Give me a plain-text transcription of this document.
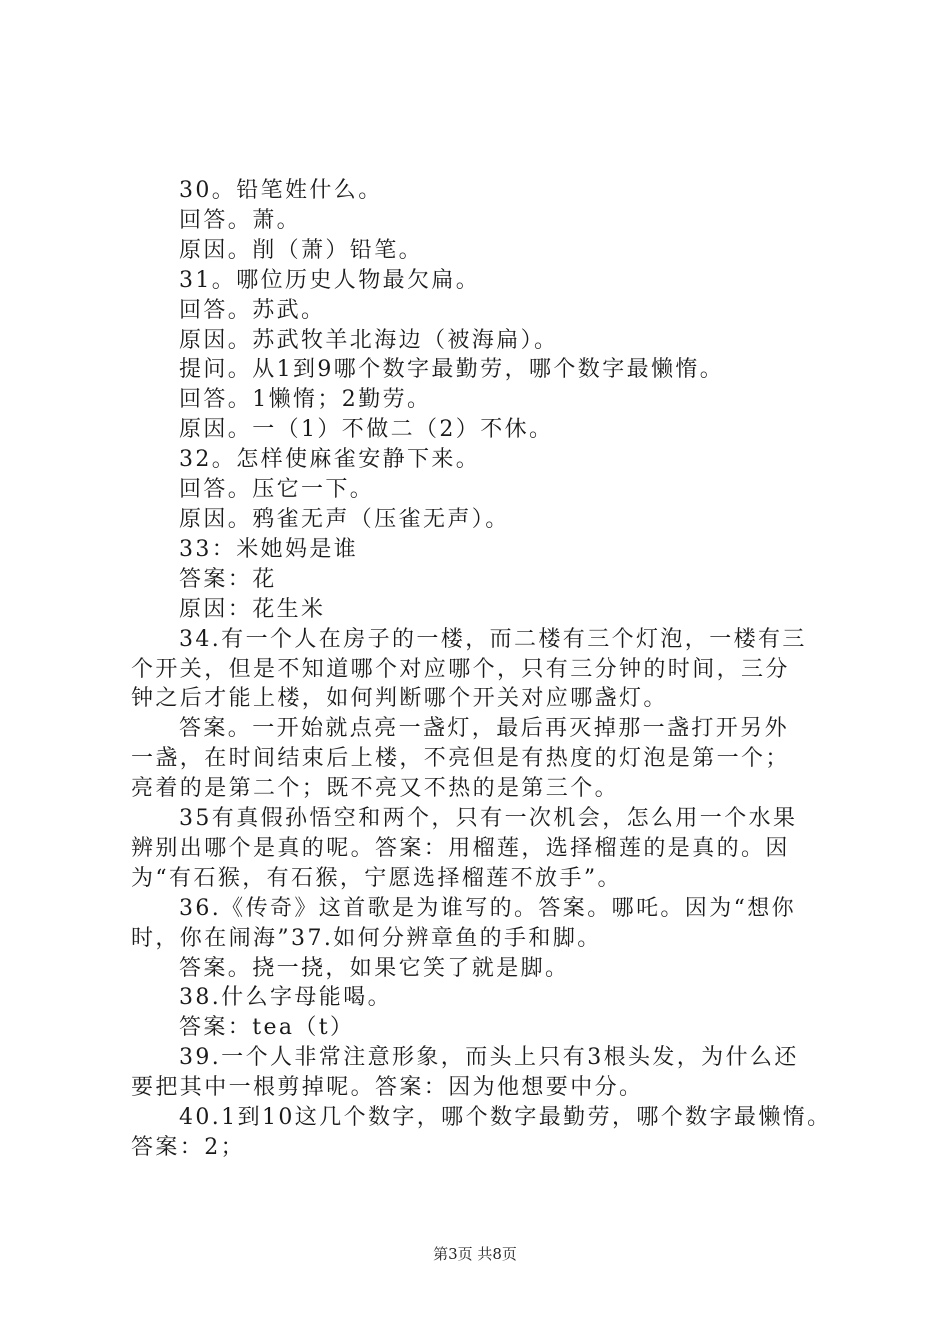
30。铅笔姓什么。
回答。萧。
原因。削（萧）铅笔。
31。哪位历史人物最欠扁。
回答。苏武。
原因。苏武牧羊北海边（被海扁）。
提问。从1到9哪个数字最勤劳，哪个数字最懒惰。
回答。1懒惰；2勤劳。
原因。一（1）不做二（2）不休。
32。怎样使麻雀安静下来。
回答。压它一下。
原因。鸦雀无声（压雀无声）。
33：米她妈是谁
答案：花
原因：花生米
34.有一个人在房子的一楼，而二楼有三个灯泡，一楼有三
个开关，但是不知道哪个对应哪个，只有三分钟的时间，三分
钟之后才能上楼，如何判断哪个开关对应哪盏灯。
答案。一开始就点亮一盏灯，最后再灭掉那一盏打开另外
一盏，在时间结束后上楼，不亮但是有热度的灯泡是第一个；
亮着的是第二个；既不亮又不热的是第三个。
35有真假孙悟空和两个，只有一次机会，怎么用一个水果
辨别出哪个是真的呢。答案：用榴莲，选择榴莲的是真的。因
为“有石猴，有石猴，宁愿选择榴莲不放手”。
36.《传奇》这首歌是为谁写的。答案。哪吒。因为“想你
时，你在闹海”37.如何分辨章鱼的手和脚。
答案。挠一挠，如果它笑了就是脚。
38.什么字母能喝。
答案：tea（t）
39.一个人非常注意形象，而头上只有3根头发，为什么还
要把其中一根剪掉呢。答案：因为他想要中分。
40.1到10这几个数字，哪个数字最勤劳，哪个数字最懒惰。
答案：2；
第3页 共8页
